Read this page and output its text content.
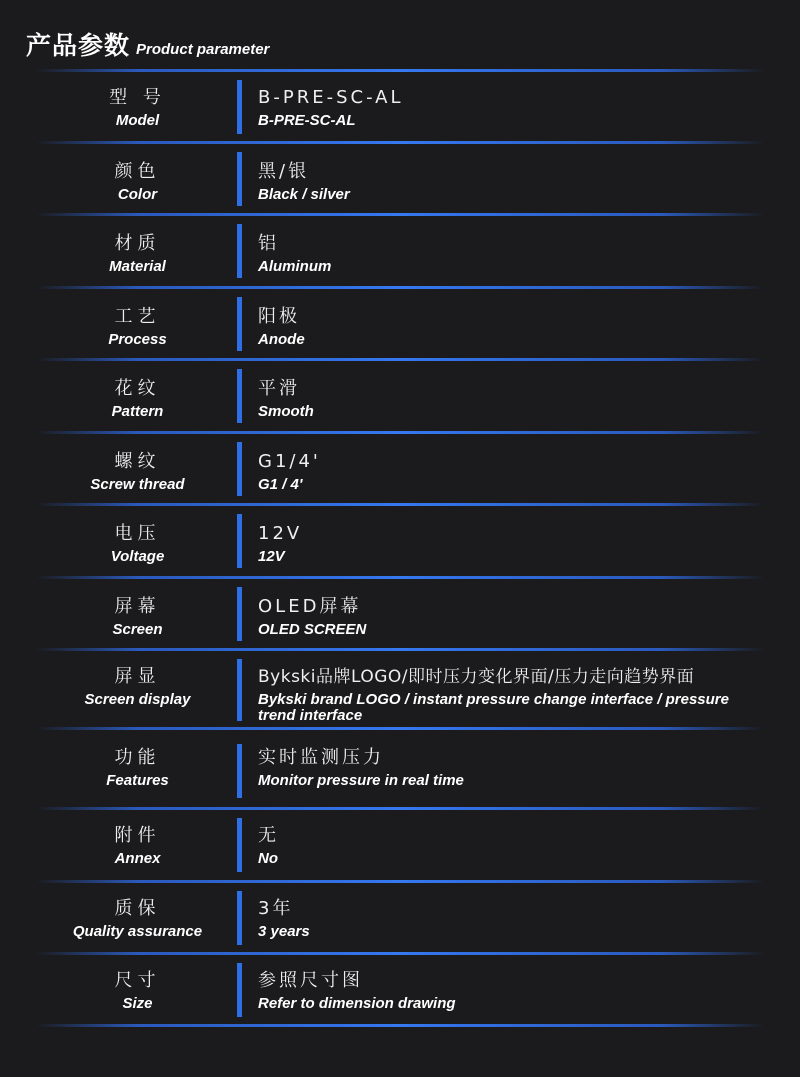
产品参数 Product parameter
型 号
Model
B-PRE-SC-AL
B-PRE-SC-AL
颜色
Color
黑/银
Black / silver
材质
Material
铝
Aluminum
工艺
Process
阳极
Anode
花纹
Pattern
平滑
Smooth
螺纹
Screw thread
G1/4'
G1 / 4'
电压
Voltage
12V
12V
屏幕
Screen
OLED屏幕
OLED SCREEN
屏显
Screen display
Bykski品牌LOGO/即时压力变化界面/压力走向趋势界面
Bykski brand LOGO / instant pressure change interface / pressure trend interface
功能
Features
实时监测压力
Monitor pressure in real time
附件
Annex
无
No
质保
Quality assurance
3年
3 years
尺寸
Size
参照尺寸图
Refer to dimension drawing
